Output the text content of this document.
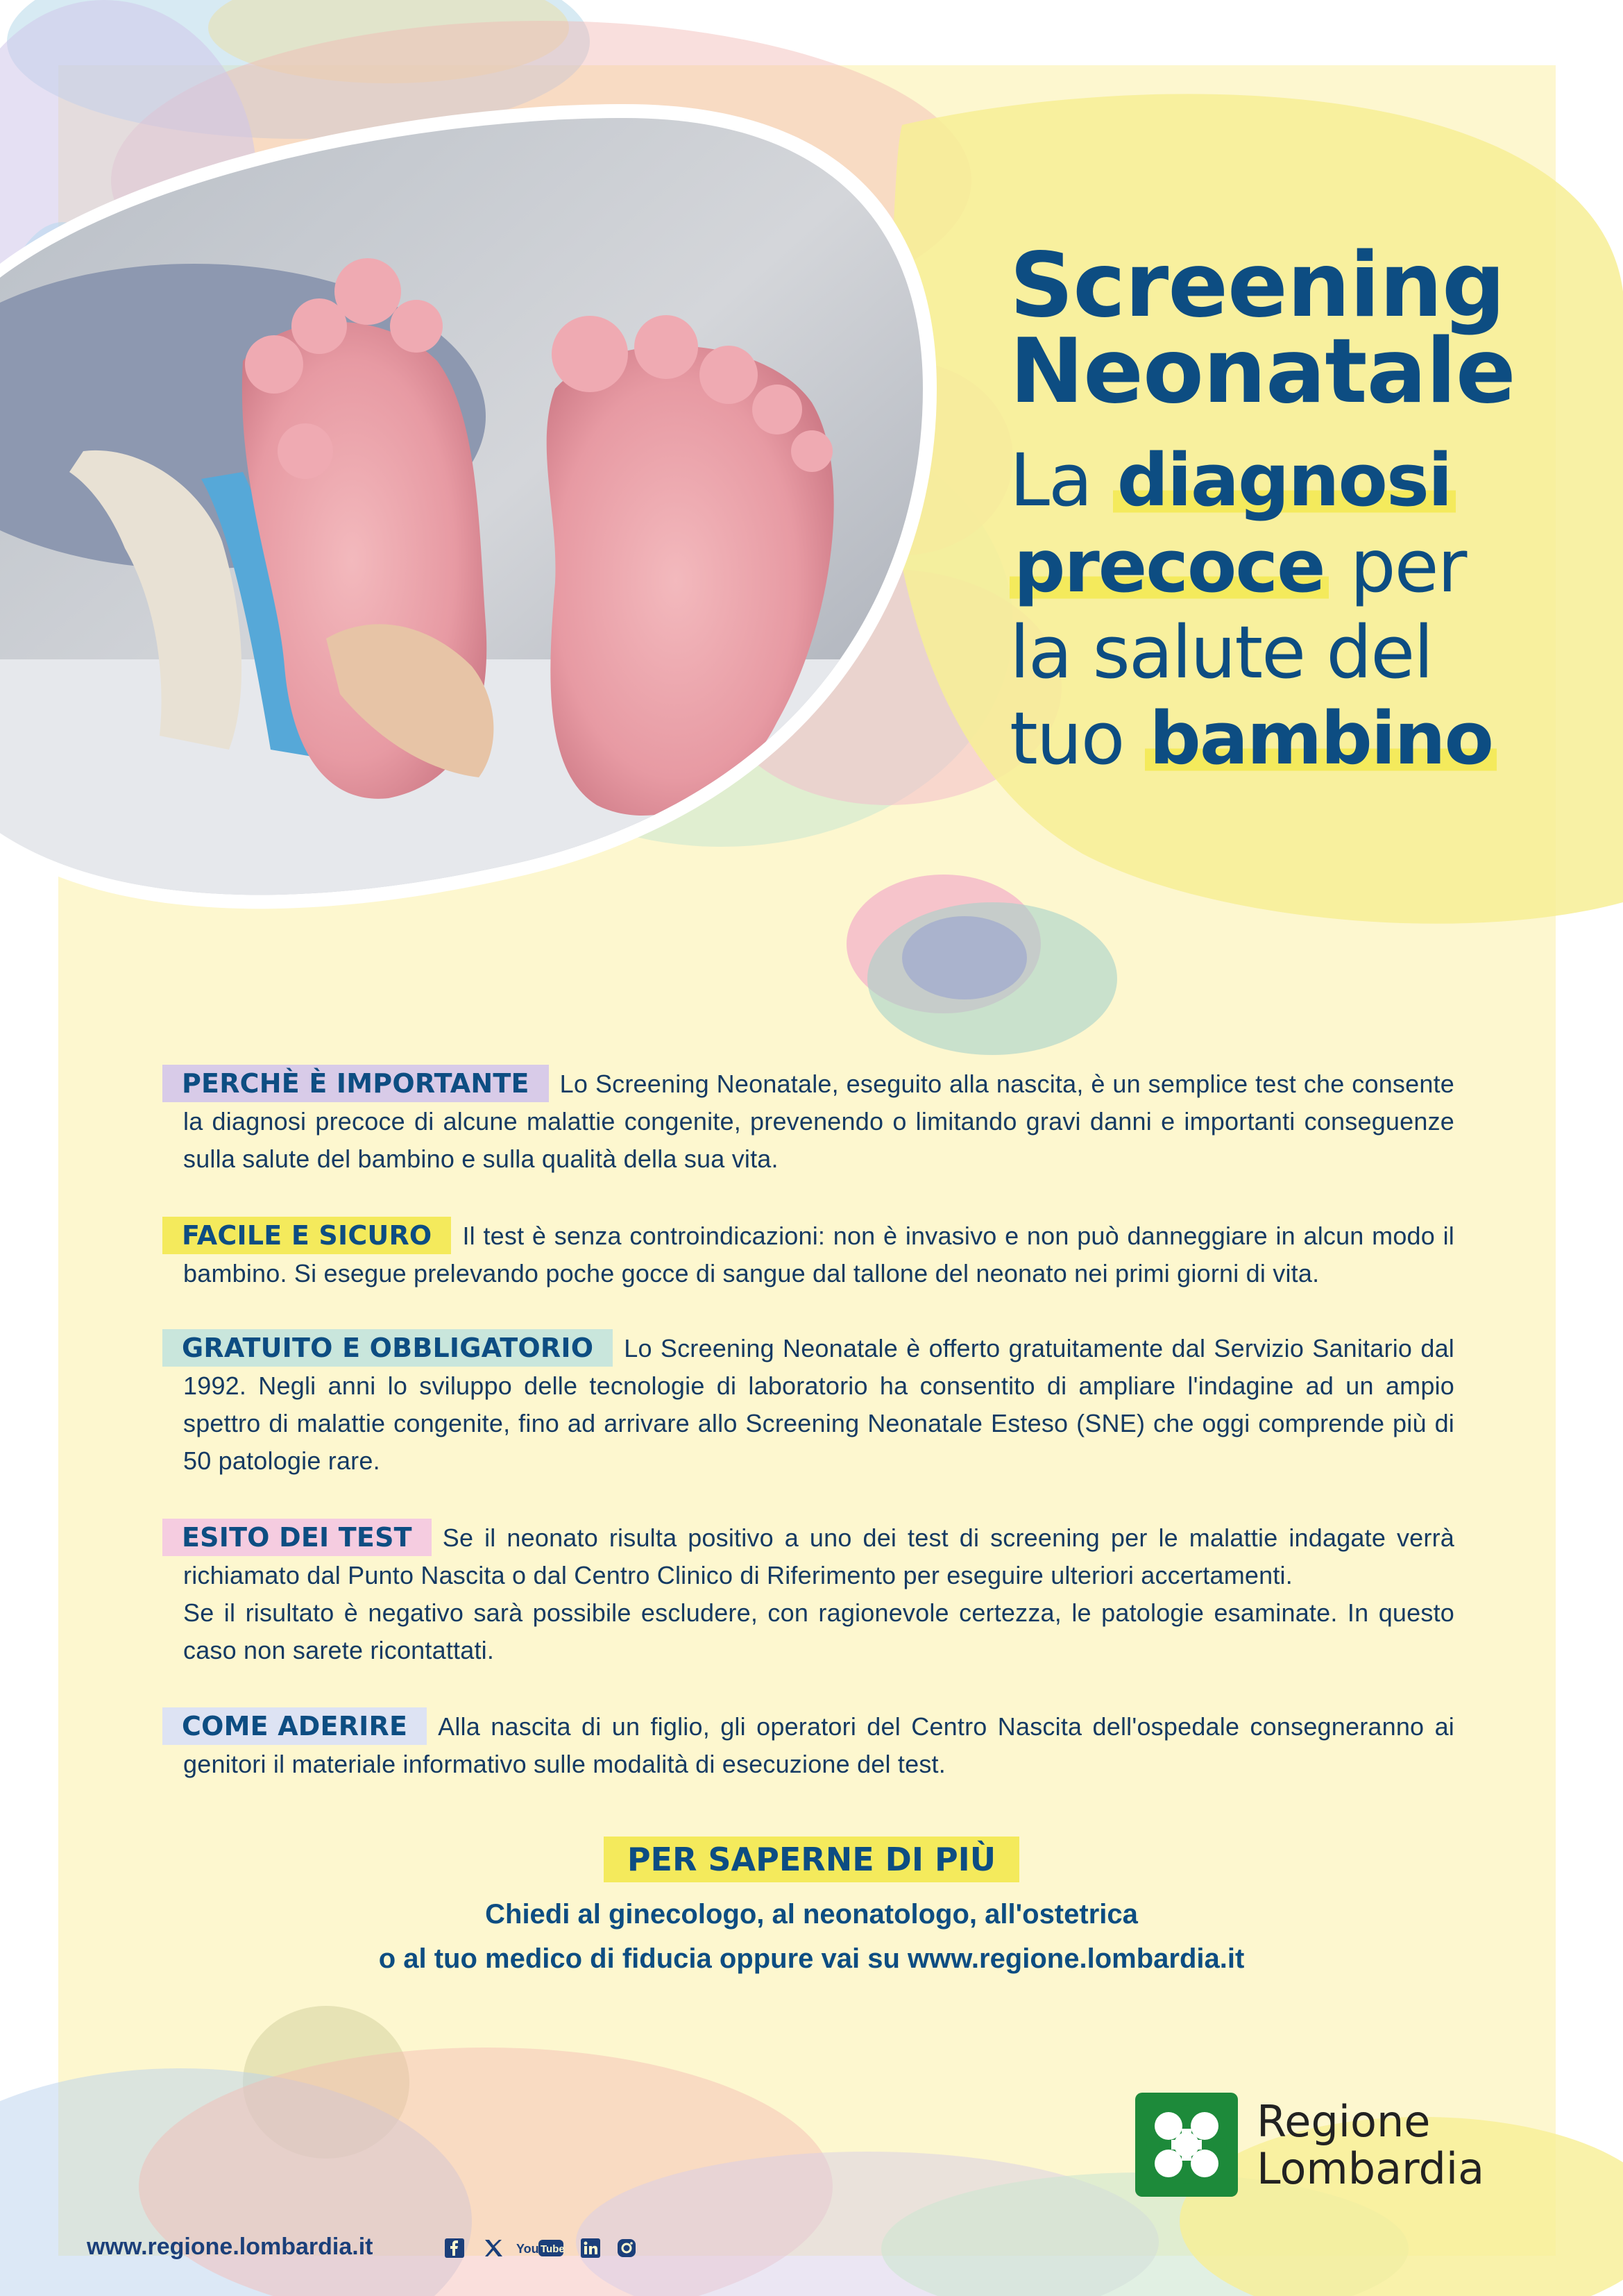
Screening
Neonatale
La diagnosi
precoce per
la salute del
tuo bambino
PERCHÈ È IMPORTANTE Lo Screening Neonatale, eseguito alla nascita, è un semplice test che consente la diagnosi precoce di alcune malattie congenite, prevenendo o limitando gravi danni e importanti conseguenze sulla salute del bambino e sulla qualità della sua vita.
FACILE E SICURO Il test è senza controindicazioni: non è invasivo e non può danneggiare in alcun modo il bambino. Si esegue prelevando poche gocce di sangue dal tallone del neonato nei primi giorni di vita.
GRATUITO E OBBLIGATORIO Lo Screening Neonatale è offerto gratuitamente dal Servizio Sanitario dal 1992. Negli anni lo sviluppo delle tecnologie di laboratorio ha consentito di ampliare l'indagine ad un ampio spettro di malattie congenite, fino ad arrivare allo Screening Neonatale Esteso (SNE) che oggi comprende più di 50 patologie rare.
ESITO DEI TEST Se il neonato risulta positivo a uno dei test di screening per le malattie indagate verrà richiamato dal Punto Nascita o dal Centro Clinico di Riferimento per eseguire ulteriori accertamenti.
Se il risultato è negativo sarà possibile escludere, con ragionevole certezza, le patologie esaminate. In questo caso non sarete ricontattati.
COME ADERIRE Alla nascita di un figlio, gli operatori del Centro Nascita dell'ospedale consegneranno ai genitori il materiale informativo sulle modalità di esecuzione del test.
PER SAPERNE DI PIÙ
Chiedi al ginecologo, al neonatologo, all'ostetrica
o al tuo medico di fiducia oppure vai su www.regione.lombardia.it
Regione
Lombardia
www.regione.lombardia.it	You Tube
